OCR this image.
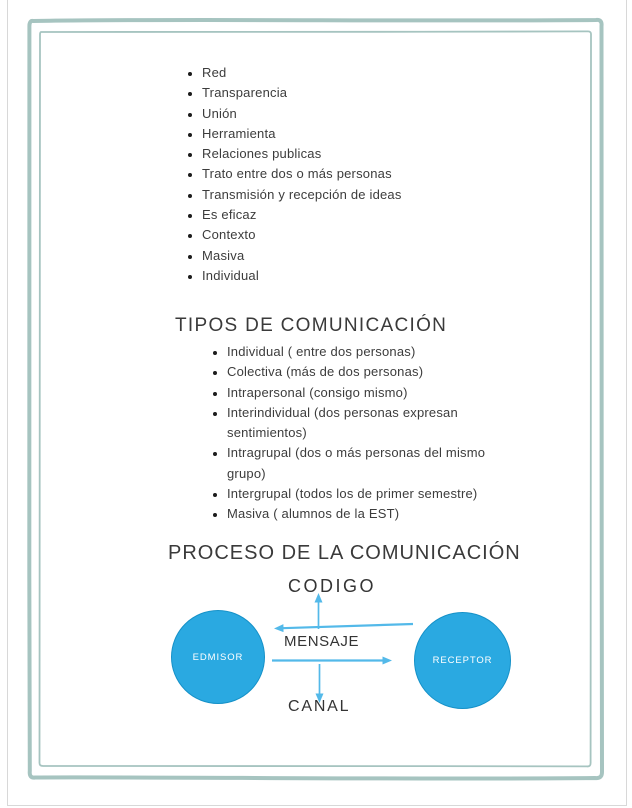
• Red
• Transparencia
• Unión
• Herramienta
• Relaciones publicas
• Trato entre dos o más personas
• Transmisión y recepción de ideas
• Es eficaz
• Contexto
• Masiva
• Individual
TIPOS DE COMUNICACIÓN
• Individual ( entre dos personas)
• Colectiva (más de dos personas)
• Intrapersonal (consigo mismo)
• Interindividual (dos personas expresan sentimientos)
• Intragrupal (dos o más personas del mismo grupo)
• Intergrupal (todos los de primer semestre)
• Masiva ( alumnos de la EST)
PROCESO DE LA COMUNICACIÓN
CODIGO
EDMISOR
MENSAJE
RECEPTOR
CANAL
